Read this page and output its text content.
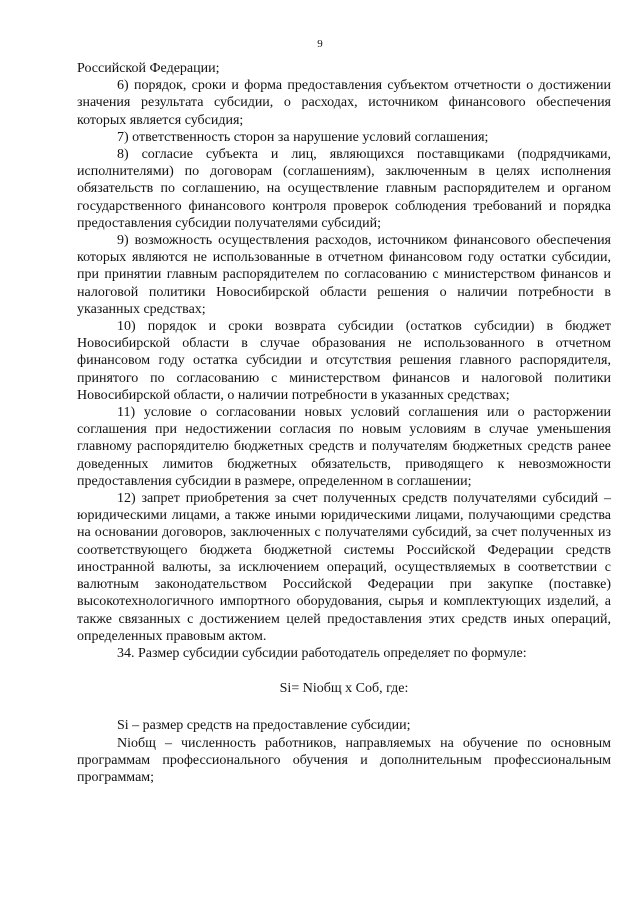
9

Российской Федерации;

6) порядок, сроки и форма предоставления субъектом отчетности о достижении значения результата субсидии, о расходах, источником финансового обеспечения которых является субсидия;

7) ответственность сторон за нарушение условий соглашения;

8) согласие субъекта и лиц, являющихся поставщиками (подрядчиками, исполнителями) по договорам (соглашениям), заключенным в целях исполнения обязательств по соглашению, на осуществление главным распорядителем и органом государственного финансового контроля проверок соблюдения требований и порядка предоставления субсидии получателями субсидий;

9) возможность осуществления расходов, источником финансового обеспечения которых являются не использованные в отчетном финансовом году остатки субсидии, при принятии главным распорядителем по согласованию с министерством финансов и налоговой политики Новосибирской области решения о наличии потребности в указанных средствах;

10) порядок и сроки возврата субсидии (остатков субсидии) в бюджет Новосибирской области в случае образования не использованного в отчетном финансовом году остатка субсидии и отсутствия решения главного распорядителя, принятого по согласованию с министерством финансов и налоговой политики Новосибирской области, о наличии потребности в указанных средствах;

11) условие о согласовании новых условий соглашения или о расторжении соглашения при недостижении согласия по новым условиям в случае уменьшения главному распорядителю бюджетных средств и получателям бюджетных средств ранее доведенных лимитов бюджетных обязательств, приводящего к невозможности предоставления субсидии в размере, определенном в соглашении;

12) запрет приобретения за счет полученных средств получателями субсидий – юридическими лицами, а также иными юридическими лицами, получающими средства на основании договоров, заключенных с получателями субсидий, за счет полученных из соответствующего бюджета бюджетной системы Российской Федерации средств иностранной валюты, за исключением операций, осуществляемых в соответствии с валютным законодательством Российской Федерации при закупке (поставке) высокотехнологичного импортного оборудования, сырья и комплектующих изделий, а также связанных с достижением целей предоставления этих средств иных операций, определенных правовым актом.

34. Размер субсидии субсидии работодатель определяет по формуле:

Si= Niобщ x Соб, где:

Si – размер средств на предоставление субсидии;

Niобщ – численность работников, направляемых на обучение по основным программам профессионального обучения и дополнительным профессиональным программам;
